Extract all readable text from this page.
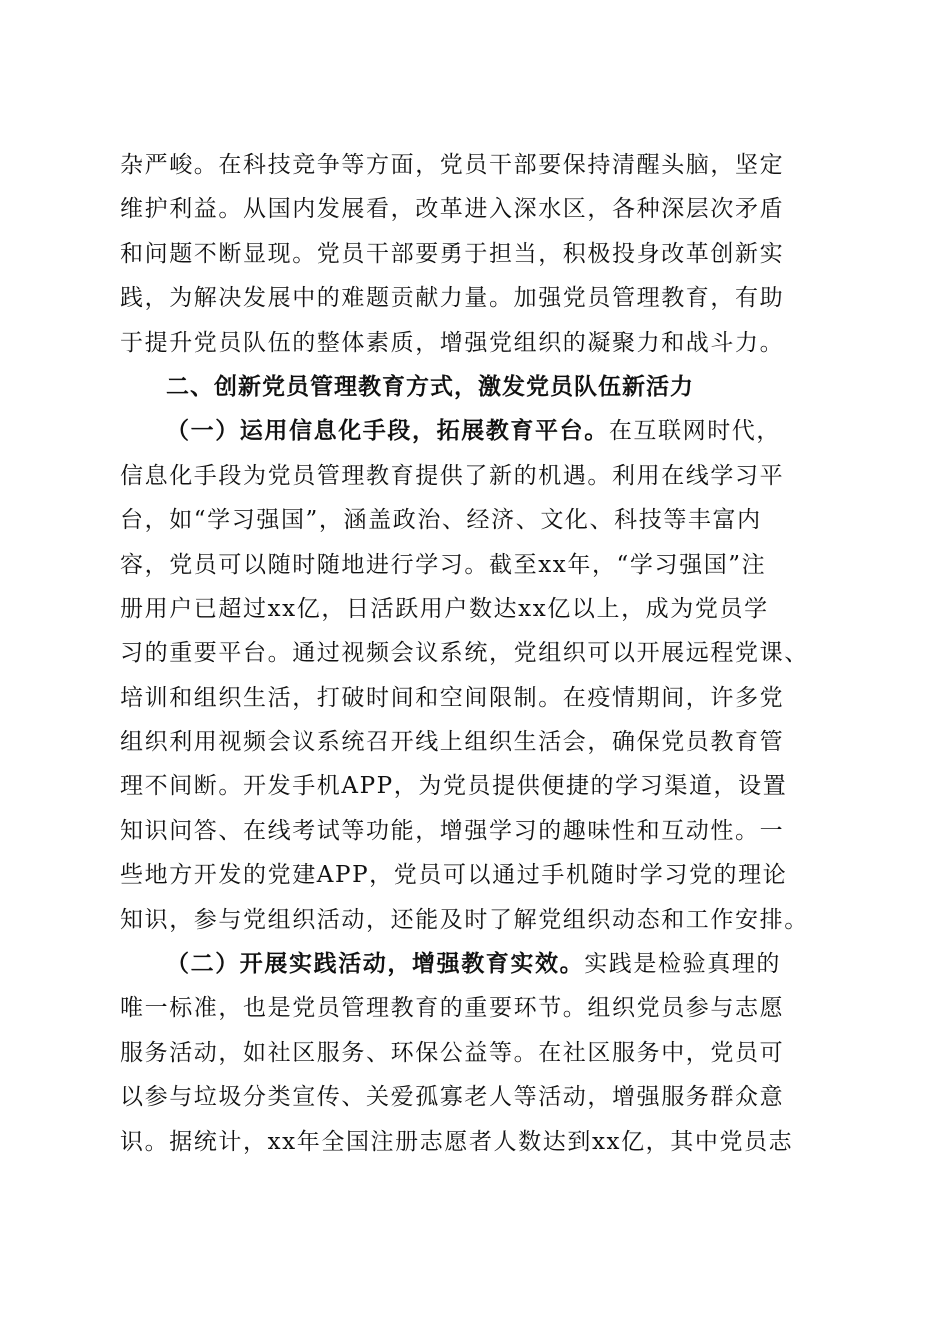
杂严峻。在科技竞争等方面，党员干部要保持清醒头脑，坚定
维护利益。从国内发展看，改革进入深水区，各种深层次矛盾
和问题不断显现。党员干部要勇于担当，积极投身改革创新实
践，为解决发展中的难题贡献力量。加强党员管理教育，有助
于提升党员队伍的整体素质，增强党组织的凝聚力和战斗力。
二、创新党员管理教育方式，激发党员队伍新活力
（一）运用信息化手段，拓展教育平台。在互联网时代，
信息化手段为党员管理教育提供了新的机遇。利用在线学习平
台，如“学习强国”，涵盖政治、经济、文化、科技等丰富内
容，党员可以随时随地进行学习。截至xx年，“学习强国”注
册用户已超过xx亿，日活跃用户数达xx亿以上，成为党员学
习的重要平台。通过视频会议系统，党组织可以开展远程党课、
培训和组织生活，打破时间和空间限制。在疫情期间，许多党
组织利用视频会议系统召开线上组织生活会，确保党员教育管
理不间断。开发手机APP，为党员提供便捷的学习渠道，设置
知识问答、在线考试等功能，增强学习的趣味性和互动性。一
些地方开发的党建APP，党员可以通过手机随时学习党的理论
知识，参与党组织活动，还能及时了解党组织动态和工作安排。
（二）开展实践活动，增强教育实效。实践是检验真理的
唯一标准，也是党员管理教育的重要环节。组织党员参与志愿
服务活动，如社区服务、环保公益等。在社区服务中，党员可
以参与垃圾分类宣传、关爱孤寡老人等活动，增强服务群众意
识。据统计，xx年全国注册志愿者人数达到xx亿，其中党员志
